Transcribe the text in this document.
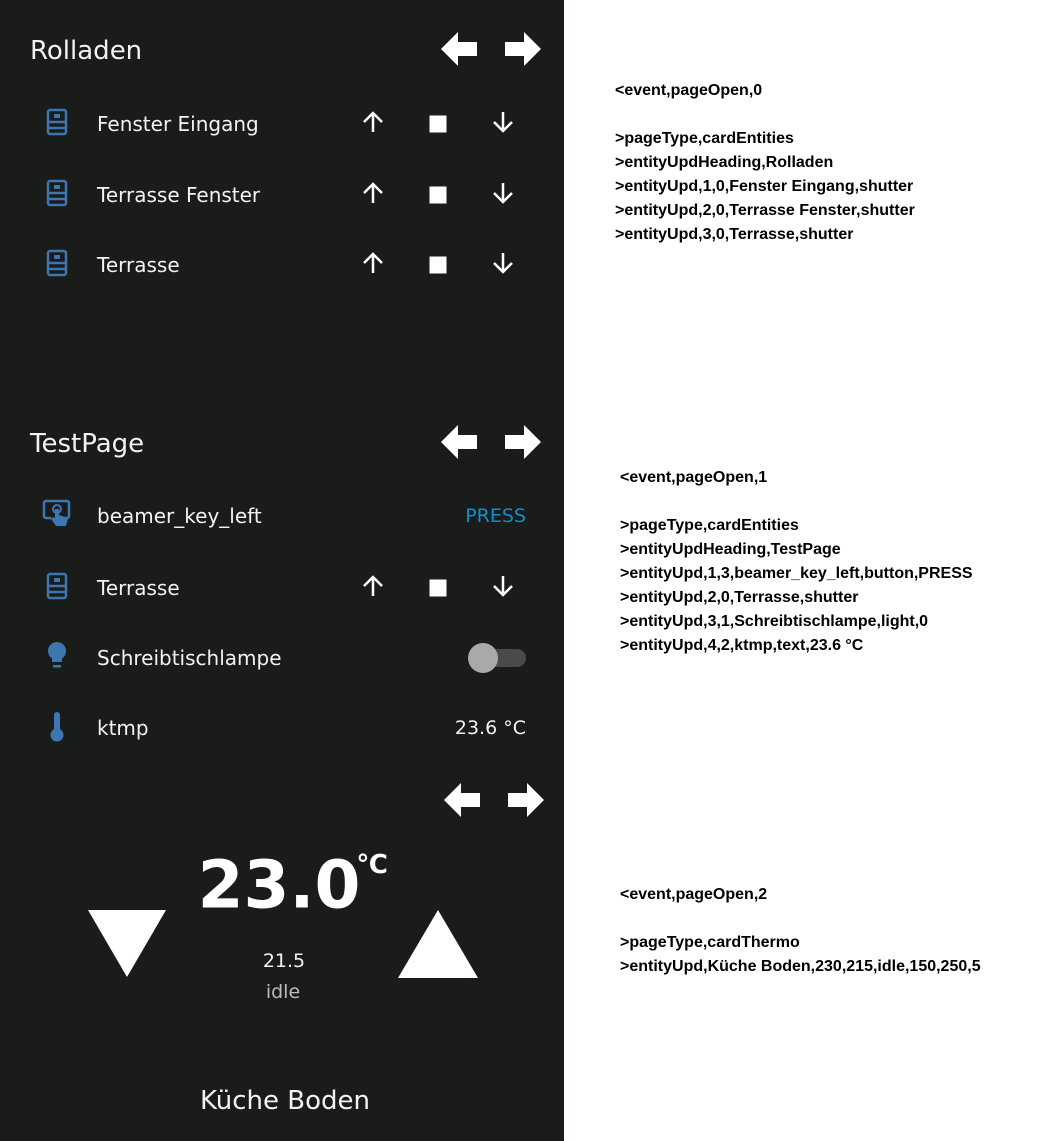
Rolladen
TestPage
23.0
℃
21.5
idle
Küche Boden
Fenster Eingang
Terrasse Fenster
Terrasse
beamer_key_left
Terrasse
Schreibtischlampe
ktmp
PRESS
23.6 °C
<event,pageOpen,0
>pageType,cardEntities
>entityUpdHeading,Rolladen
>entityUpd,1,0,Fenster Eingang,shutter
>entityUpd,2,0,Terrasse Fenster,shutter
>entityUpd,3,0,Terrasse,shutter
<event,pageOpen,1
>pageType,cardEntities
>entityUpdHeading,TestPage
>entityUpd,1,3,beamer_key_left,button,PRESS
>entityUpd,2,0,Terrasse,shutter
>entityUpd,3,1,Schreibtischlampe,light,0
>entityUpd,4,2,ktmp,text,23.6 °C
<event,pageOpen,2
>pageType,cardThermo
>entityUpd,Küche Boden,230,215,idle,150,250,5
